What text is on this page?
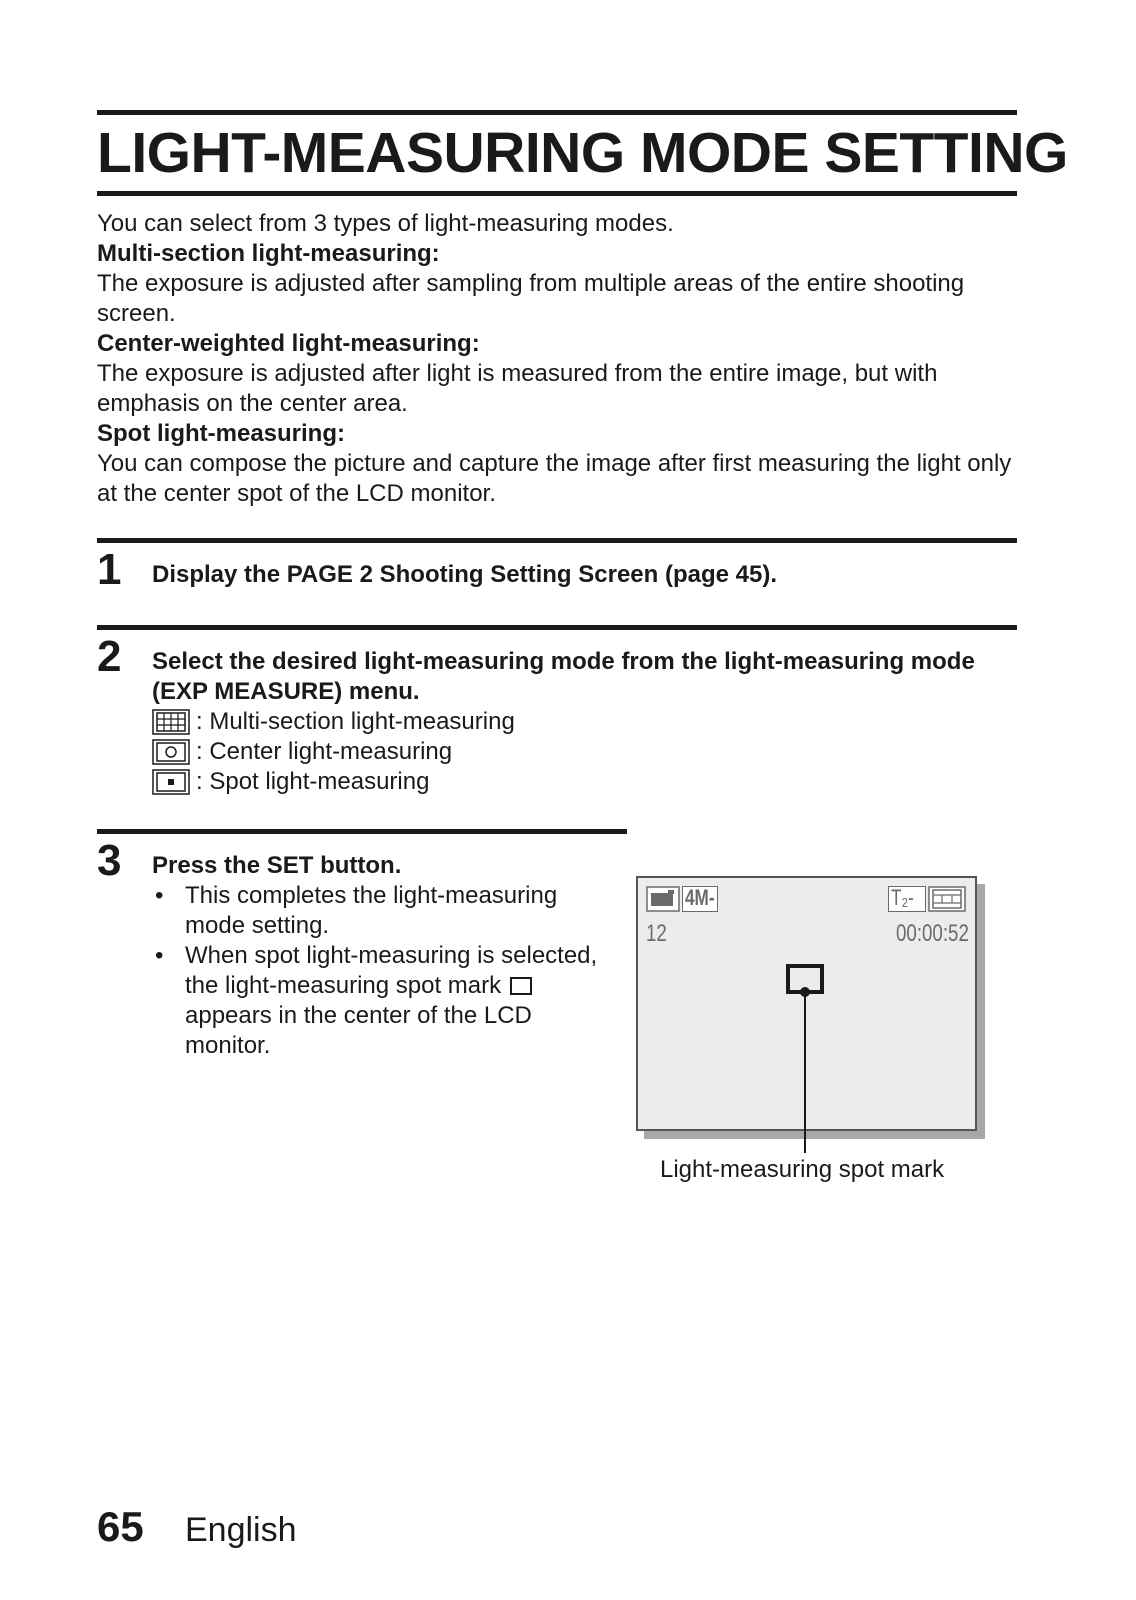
LIGHT-MEASURING MODE SETTING

You can select from 3 types of light-measuring modes.

Multi-section light-measuring:

The exposure is adjusted after sampling from multiple areas of the entire shooting screen.

Center-weighted light-measuring:

The exposure is adjusted after light is measured from the entire image, but with emphasis on the center area.

Spot light-measuring:

You can compose the picture and capture the image after first measuring the light only at the center spot of the LCD monitor.

1 Display the PAGE 2 Shooting Setting Screen (page 45).
2 Select the desired light-measuring mode from the light-measuring mode (EXP MEASURE) menu.
: Multi-section light-measuring
: Center light-measuring
: Spot light-measuring
3 Press the SET button.
• This completes the light-measuring mode setting.
• When spot light-measuring is selected, the light-measuring spot mark  appears in the center of the LCD monitor.
4M-	T₂-
12	00:00:52
Light-measuring spot mark
65 English
